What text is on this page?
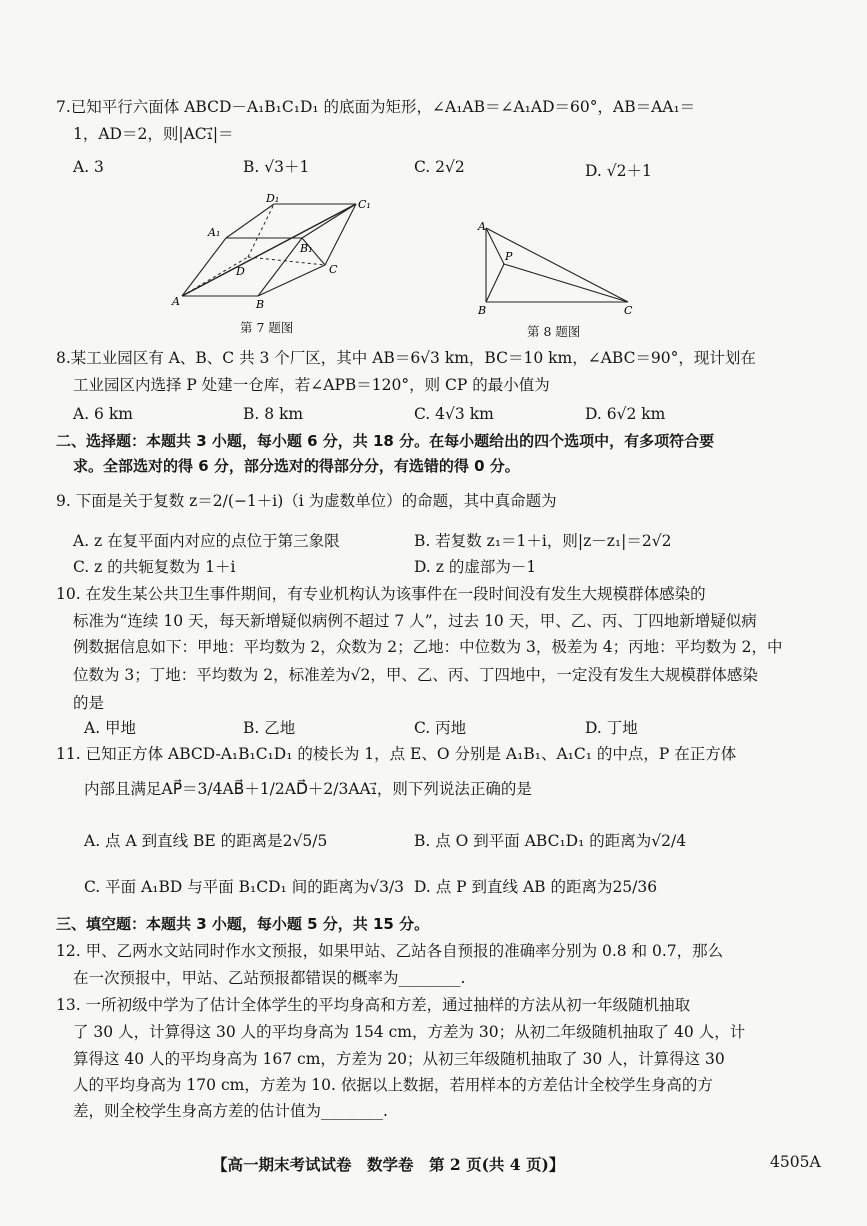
7.已知平行六面体 ABCD－A₁B₁C₁D₁ 的底面为矩形，∠A₁AB＝∠A₁AD＝60°，AB＝AA₁＝
1，AD＝2，则|AC₁⃗|＝
A. 3	B. √3＋1	C. 2√2	D. √2＋1
A	B
C
D
A₁
B₁
C₁
D₁
第 7 题图
A
B	C
P
第 8 题图
8.某工业园区有 A、B、C 共 3 个厂区，其中 AB＝6√3 km，BC＝10 km，∠ABC＝90°，现计划在
工业园区内选择 P 处建一仓库，若∠APB＝120°，则 CP 的最小值为
A. 6 km	B. 8 km	C. 4√3 km	D. 6√2 km
二、选择题：本题共 3 小题，每小题 6 分，共 18 分。在每小题给出的四个选项中，有多项符合要
求。全部选对的得 6 分，部分选对的得部分分，有选错的得 0 分。
9. 下面是关于复数 z＝2/(−1＋i)（i 为虚数单位）的命题，其中真命题为
A. z 在复平面内对应的点位于第三象限	B. 若复数 z₁＝1＋i，则|z－z₁|＝2√2
C. z 的共轭复数为 1＋i	D. z 的虚部为－1
10. 在发生某公共卫生事件期间，有专业机构认为该事件在一段时间没有发生大规模群体感染的
标准为“连续 10 天，每天新增疑似病例不超过 7 人”，过去 10 天，甲、乙、丙、丁四地新增疑似病
例数据信息如下：甲地：平均数为 2，众数为 2；乙地：中位数为 3，极差为 4；丙地：平均数为 2，中
位数为 3；丁地：平均数为 2，标准差为√2，甲、乙、丙、丁四地中，一定没有发生大规模群体感染
的是
A. 甲地	B. 乙地	C. 丙地	D. 丁地
11. 已知正方体 ABCD-A₁B₁C₁D₁ 的棱长为 1，点 E、O 分别是 A₁B₁、A₁C₁ 的中点，P 在正方体
内部且满足AP⃗＝3/4AB⃗＋1/2AD⃗＋2/3AA₁⃗，则下列说法正确的是
A. 点 A 到直线 BE 的距离是2√5/5	B. 点 O 到平面 ABC₁D₁ 的距离为√2/4
C. 平面 A₁BD 与平面 B₁CD₁ 间的距离为√3/3 D. 点 P 到直线 AB 的距离为25/36
三、填空题：本题共 3 小题，每小题 5 分，共 15 分。
12. 甲、乙两水文站同时作水文预报，如果甲站、乙站各自预报的准确率分别为 0.8 和 0.7，那么
在一次预报中，甲站、乙站预报都错误的概率为________.
13. 一所初级中学为了估计全体学生的平均身高和方差，通过抽样的方法从初一年级随机抽取
了 30 人，计算得这 30 人的平均身高为 154 cm，方差为 30；从初二年级随机抽取了 40 人，计
算得这 40 人的平均身高为 167 cm，方差为 20；从初三年级随机抽取了 30 人，计算得这 30
人的平均身高为 170 cm，方差为 10. 依据以上数据，若用样本的方差估计全校学生身高的方
差，则全校学生身高方差的估计值为________.
【高一期末考试试卷　数学卷　第 2 页(共 4 页)】	4505A
